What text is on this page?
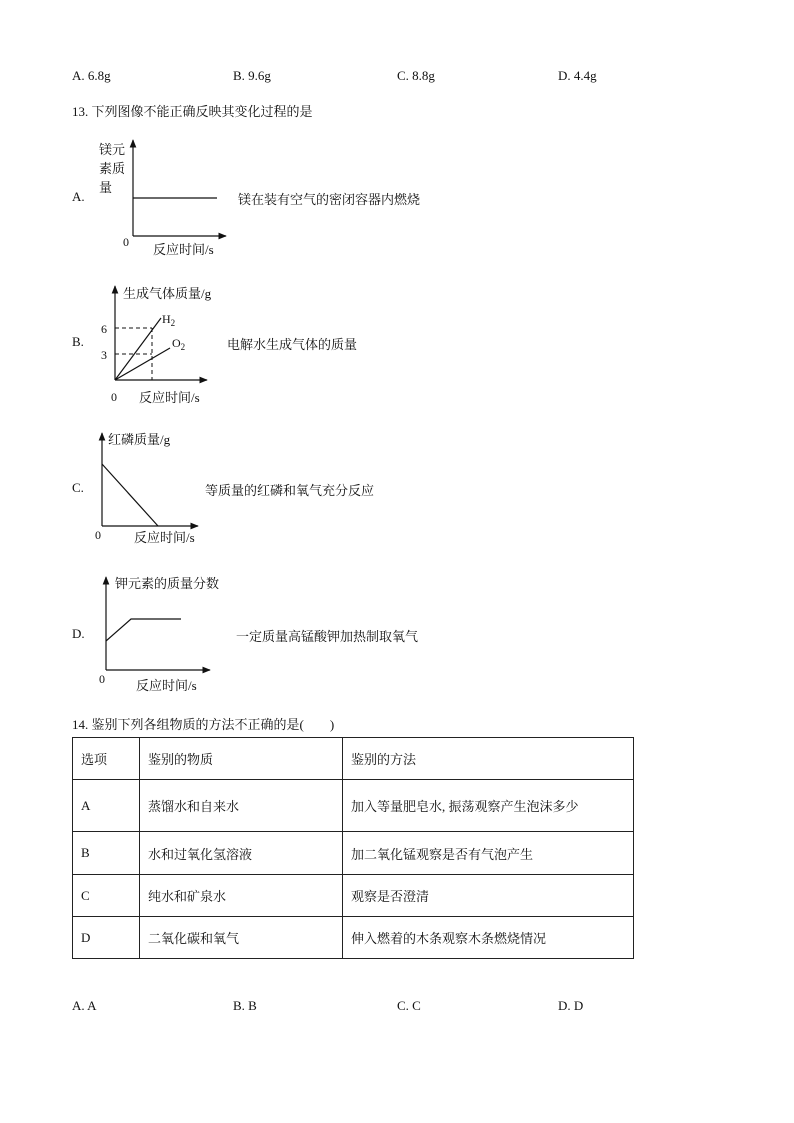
A. 6.8g	B. 9.6g	C. 8.8g	D. 4.4g
13. 下列图像不能正确反映其变化过程的是
A.
镁元
素质
量
0 反应时间/s
镁在装有空气的密闭容器内燃烧
B.
生成气体质量/g
6
3
$H_2$
$O_2$
0 反应时间/s
电解水生成气体的质量
C.
红磷质量/g
0	反应时间/s
等质量的红磷和氧气充分反应
D.
钾元素的质量分数
0 反应时间/s
一定质量高锰酸钾加热制取氧气
14. 鉴别下列各组物质的方法不正确的是(　　)
选项	鉴别的物质	鉴别的方法
A	蒸馏水和自来水	加入等量肥皂水, 振荡观察产生泡沫多少
B	水和过氧化氢溶液	加二氧化锰观察是否有气泡产生
C	纯水和矿泉水	观察是否澄清
D	二氧化碳和氧气	伸入燃着的木条观察木条燃烧情况
A. A	B. B	C. C	D. D
